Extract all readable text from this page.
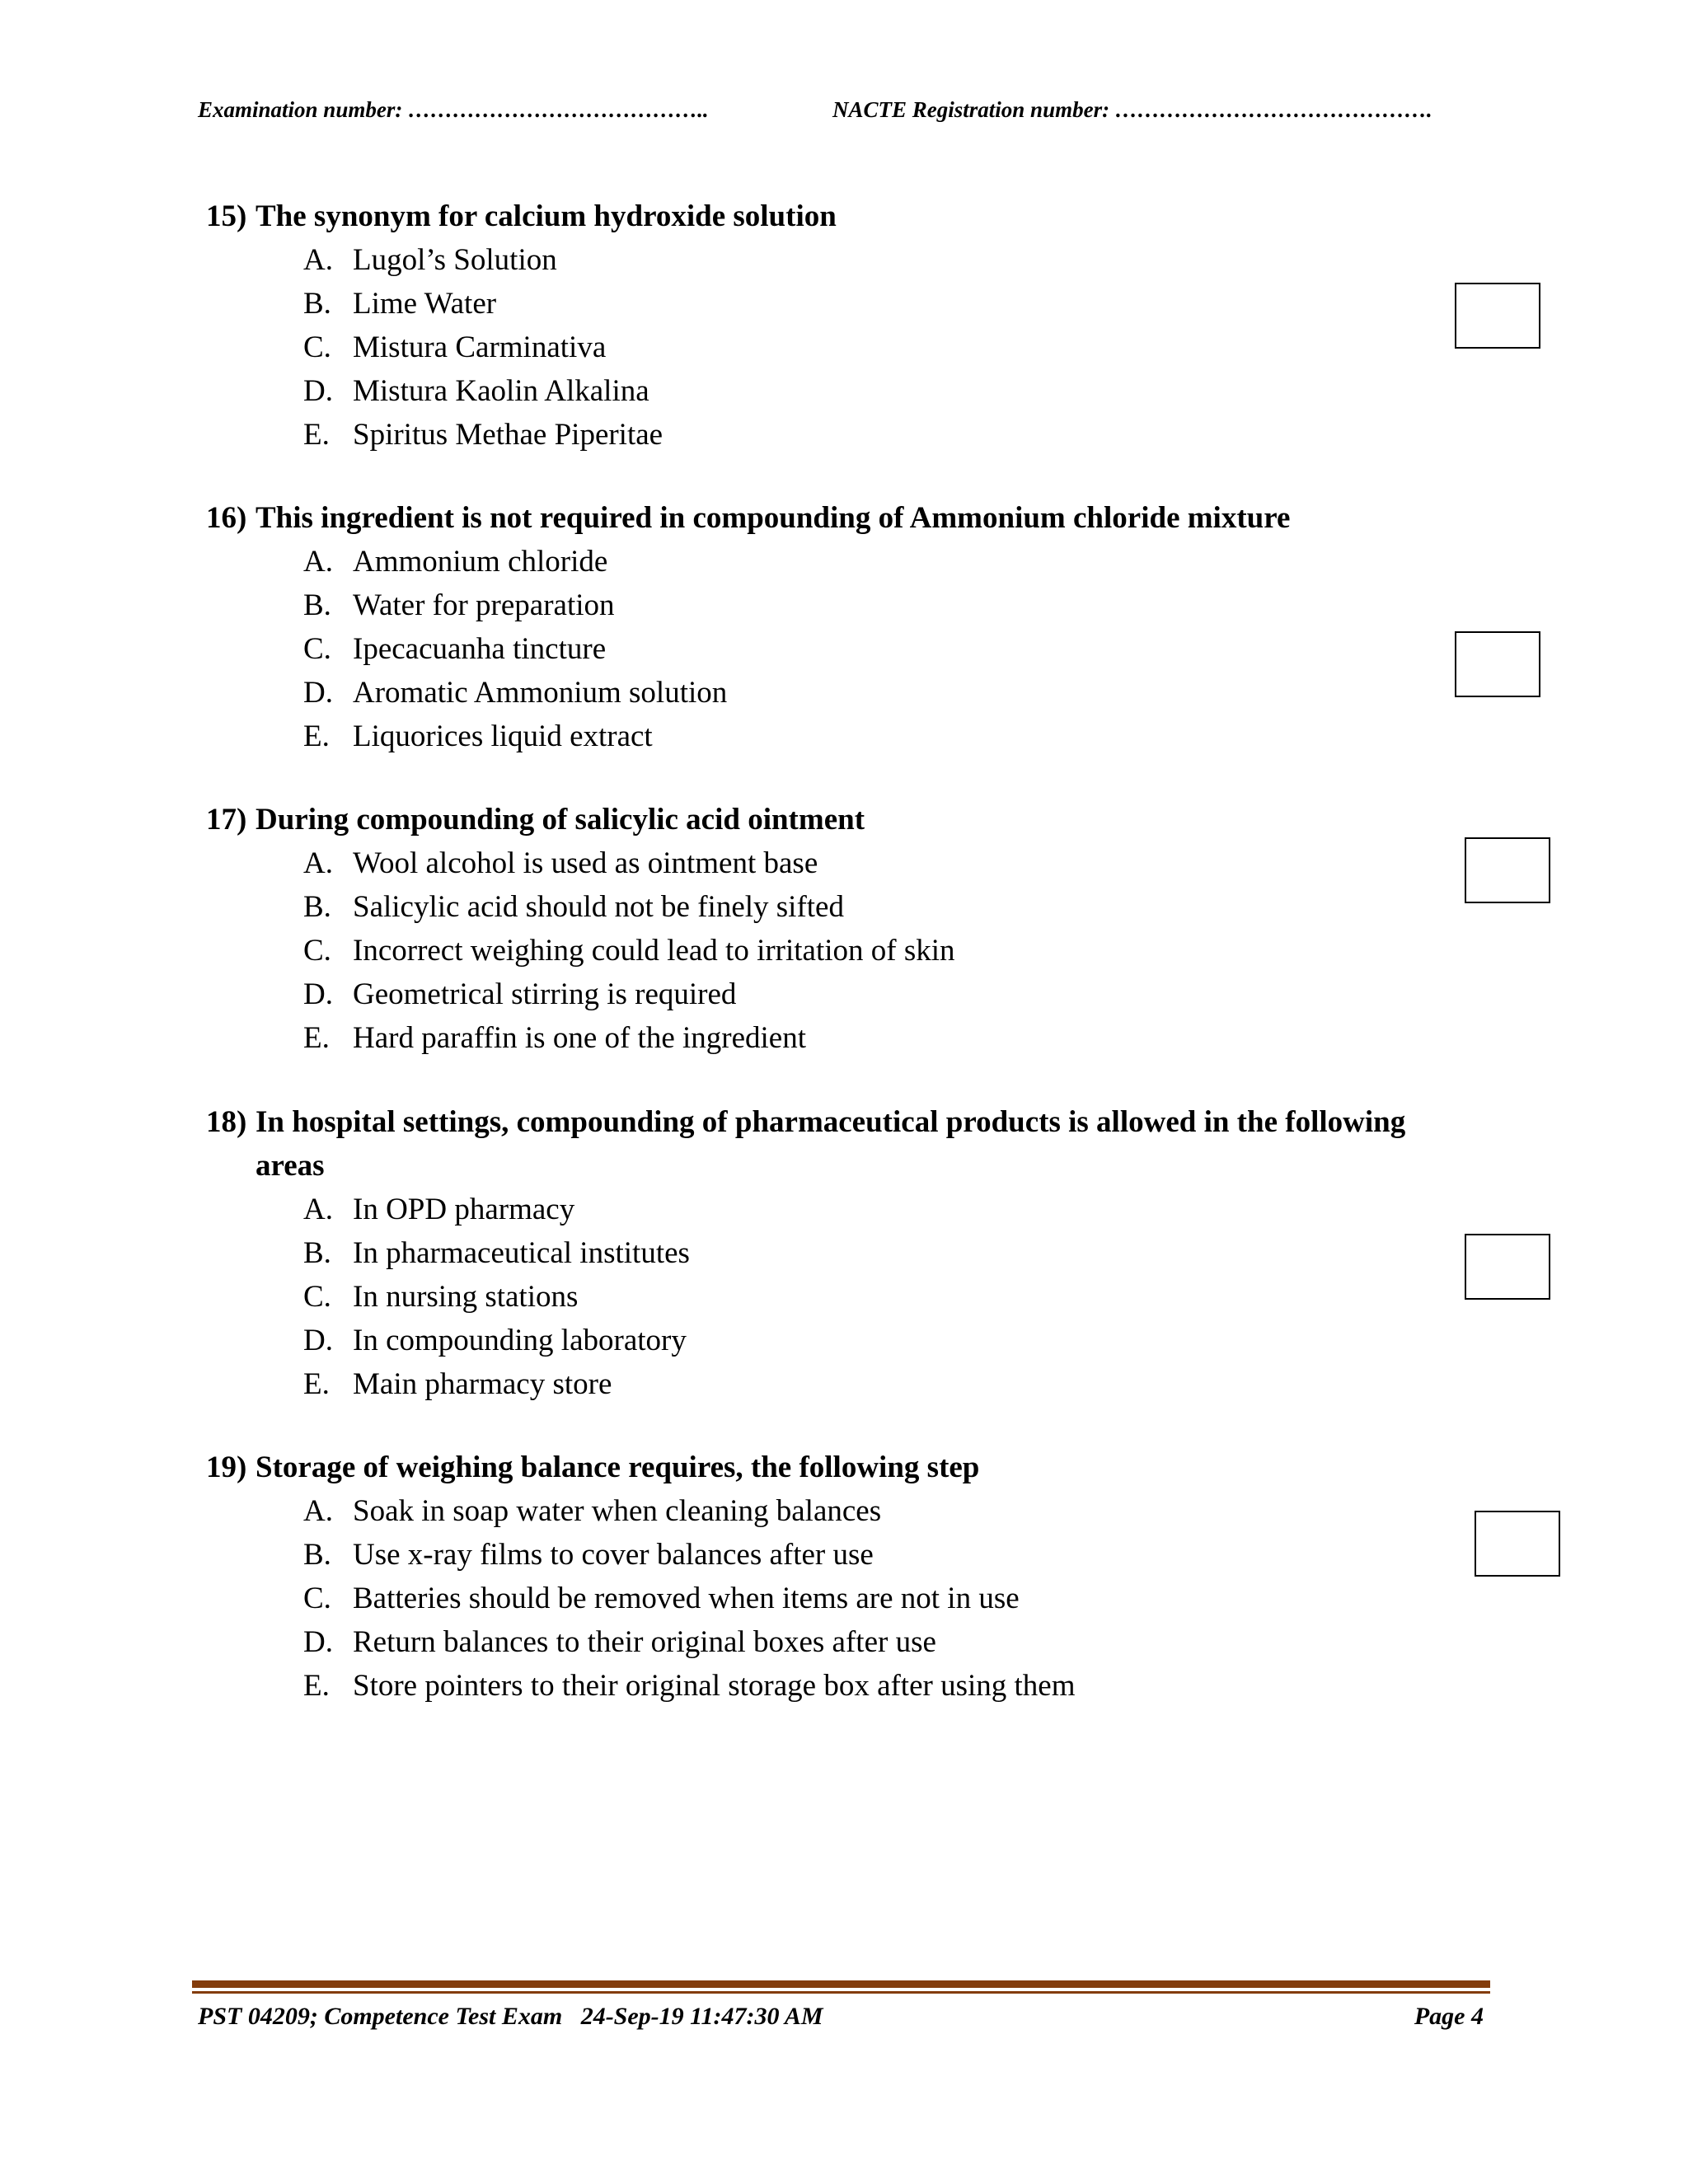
Examination number: …………………………………..	NACTE Registration number: …………………………………….
15) The synonym for calcium hydroxide solution
A. Lugol’s Solution
B. Lime Water
C. Mistura Carminativa
D. Mistura Kaolin Alkalina
E. Spiritus Methae Piperitae
16) This ingredient is not required in compounding of Ammonium chloride mixture
A. Ammonium chloride
B. Water for preparation
C. Ipecacuanha tincture
D. Aromatic Ammonium solution
E. Liquorices liquid extract
17) During compounding of salicylic acid ointment
A. Wool alcohol is used as ointment base
B. Salicylic acid should not be finely sifted
C. Incorrect weighing could lead to irritation of skin
D. Geometrical stirring is required
E. Hard paraffin is one of the ingredient
18) In hospital settings, compounding of pharmaceutical products is allowed in the following areas
A. In OPD pharmacy
B. In pharmaceutical institutes
C. In nursing stations
D. In compounding laboratory
E. Main pharmacy store
19) Storage of weighing balance requires, the following step
A. Soak in soap water when cleaning balances
B. Use x-ray films to cover balances after use
C. Batteries should be removed when items are not in use
D. Return balances to their original boxes after use
E. Store pointers to their original storage box after using them
PST 04209; Competence Test Exam   24-Sep-19 11:47:30 AM	Page 4
